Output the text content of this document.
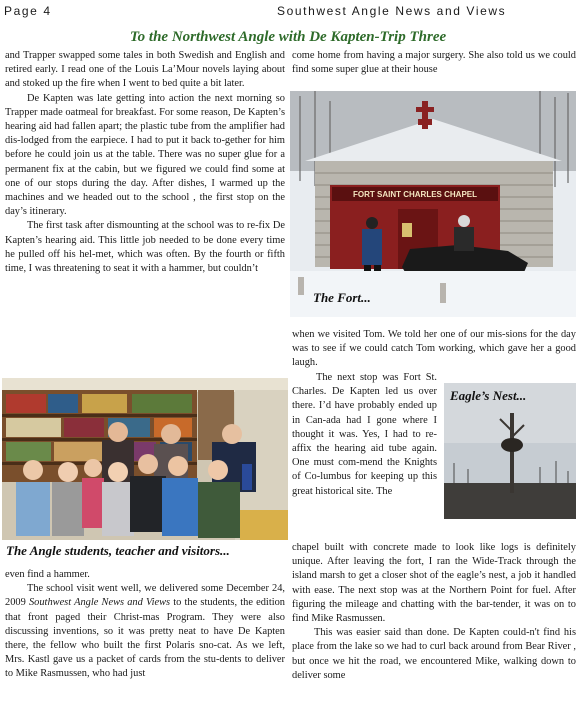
Page 4	Southwest Angle News and Views
To the Northwest Angle with De Kapten-Trip Three

and Trapper swapped some tales in both Swedish and English and retired early. I read one of the Louis La’Mour novels laying about and stoked up the fire when I went to bed quite a bit later.

De Kapten was late getting into action the next morning so Trapper made oatmeal for breakfast. For some reason, De Kapten’s hearing aid had fallen apart; the plastic tube from the amplifier had dis-lodged from the earpiece. I had to put it back to-gether for him before he could join us at the table. There was no super glue for a permanent fix at the cabin, but we figured we could find some at one of our stops during the day. After dishes, I warmed up the machines and we headed out to the school , the first stop on the day’s itinerary.

The first task after dismounting at the school was to re-fix De Kapten’s hearing aid. This little job needed to be done every time he pulled off his hel-met, which was often. By the fourth or fifth time, I was threatening to seat it with a hammer, but couldn’t

The Angle students, teacher and visitors...

even find a hammer.

The school visit went well, we delivered some December 24, 2009 Southwest Angle News and Views to the students, the edition that front paged their Christ-mas Program. They were also discussing inventions, so it was pretty neat to have De Kapten there, the fellow who built the first Polaris sno-cat. As we left, Mrs. Kastl gave us a packet of cards from the stu-dents to deliver to Mike Rasmussen, who had just

come home from having a major surgery. She also told us we could find some super glue at their house

FORT SAINT CHARLES CHAPEL
The Fort...

when we visited Tom. We told her one of our mis-sions for the day was to see if we could catch Tom working, which gave her a good laugh.

The next stop was Fort St. Charles. De Kapten led us over there. I’d have probably ended up in Can-ada had I gone where I thought it was. Yes, I had to re-affix the hearing aid tube again. One must com-mend the Knights of Co-lumbus for keeping up this great historical site. The

Eagle’s Nest...

chapel built with concrete made to look like logs is definitely unique. After leaving the fort, I ran the Wide-Track through the island marsh to get a closer shot of the eagle’s nest, a job it handled with ease. The next stop was at the Northern Point for fuel. After figuring the mileage and chatting with the bar-tender, it was on to find Mike Rasmussen.

This was easier said than done. De Kapten could-n't find his place from the lake so we had to curl back around from Bear River , but once we hit the road, we encountered Mike, walking down to deliver some
